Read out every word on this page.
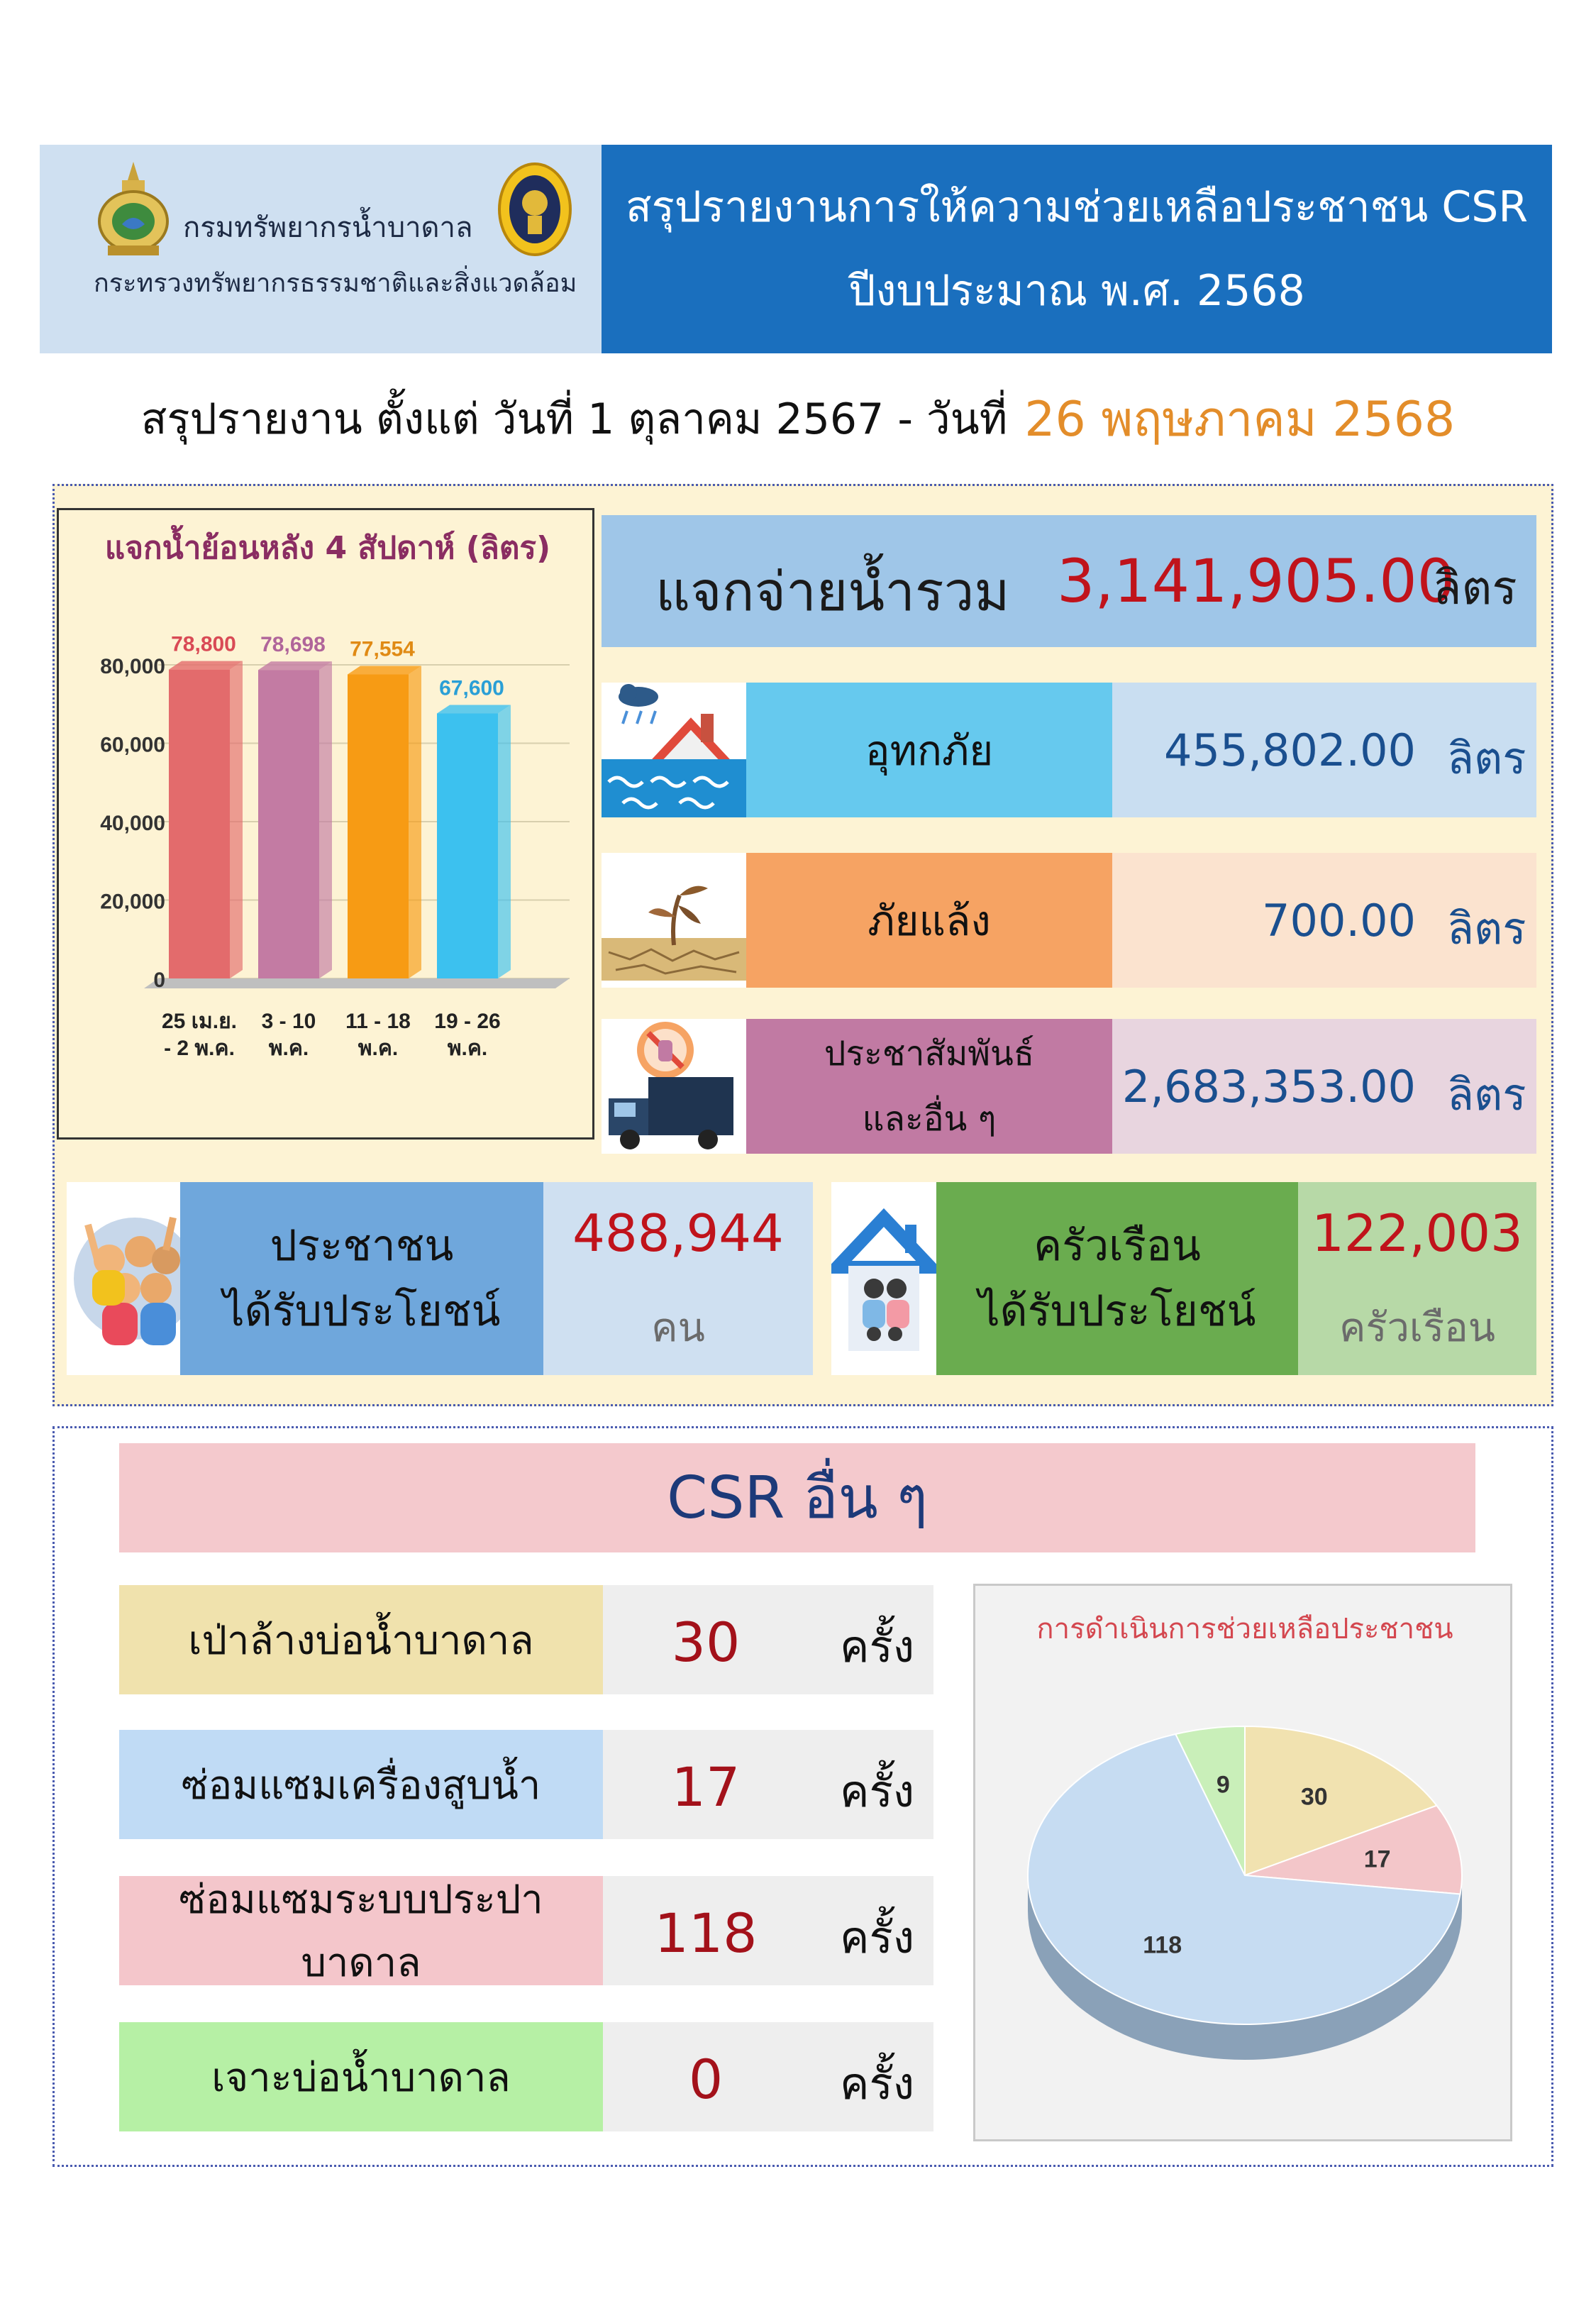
กรมทรัพยากรน้ำบาดาล
กระทรวงทรัพยากรธรรมชาติและสิ่งแวดล้อม
สรุปรายงานการให้ความช่วยเหลือประชาชน CSR
ปีงบประมาณ พ.ศ. 2568
สรุปรายงาน ตั้งแต่ วันที่ 1 ตุลาคม 2567 - วันที่ 26 พฤษภาคม 2568
0
20,000
40,000
60,000
80,000
78,800
25 เม.ย.
- 2 พ.ค.
78,698
3 - 10
พ.ค.
77,554
11 - 18
พ.ค.
67,600
19 - 26
พ.ค.
แจกน้ำย้อนหลัง 4 สัปดาห์ (ลิตร)
แจกจ่ายน้ำรวม 3,141,905.00
ลิตร
อุทกภัย	455,802.00 ลิตร
ภัยแล้ง	700.00 ลิตร
ประชาสัมพันธ์
และอื่น ๆ
2,683,353.00 ลิตร
ประชาชน
ได้รับประโยชน์
488,944
คน
ครัวเรือน
ได้รับประโยชน์
122,003
ครัวเรือน
CSR อื่น ๆ
เป่าล้างบ่อน้ำบาดาล	30	ครั้ง
ซ่อมแซมเครื่องสูบน้ำ	17	ครั้ง
ซ่อมแซมระบบประปาบาดาล	118	ครั้ง
เจาะบ่อน้ำบาดาล	0	ครั้ง
การดำเนินการช่วยเหลือประชาชน
30
17
118
9
